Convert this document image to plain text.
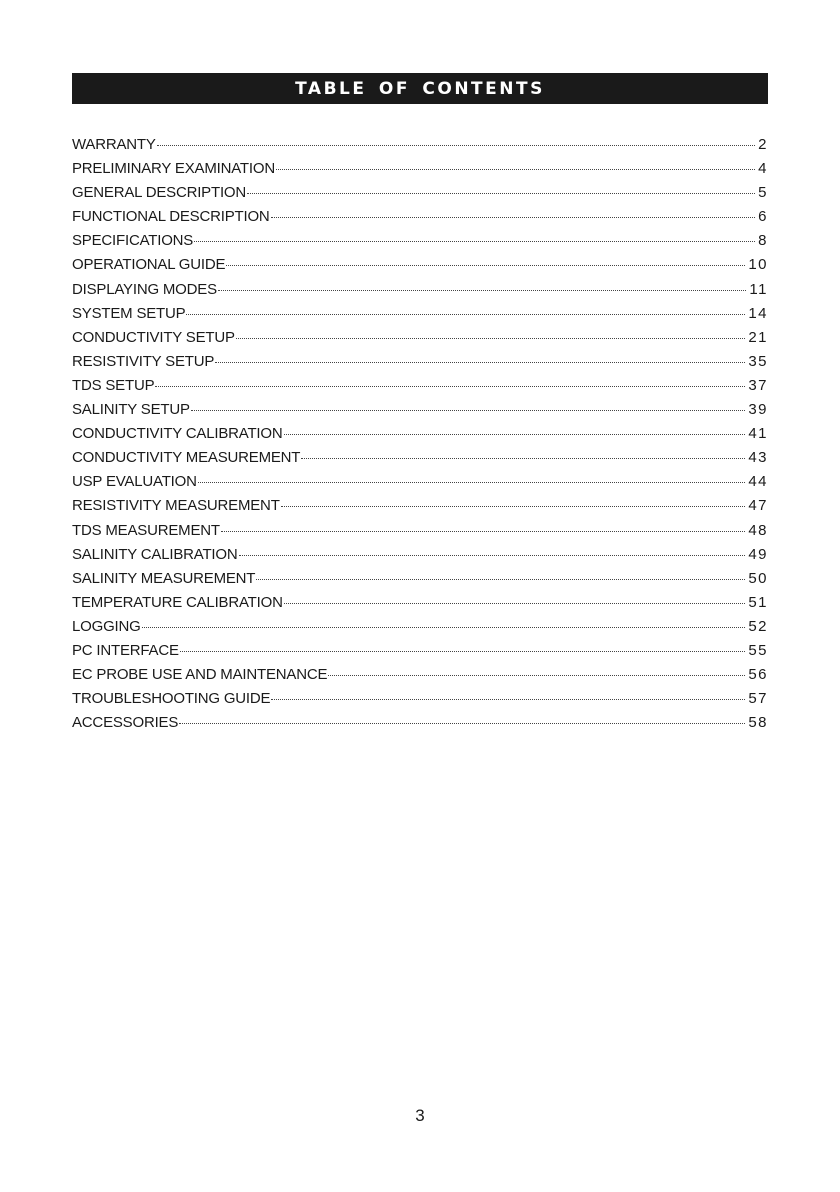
TABLE OF CONTENTS
WARRANTY	2
PRELIMINARY EXAMINATION	4
GENERAL DESCRIPTION	5
FUNCTIONAL DESCRIPTION	6
SPECIFICATIONS	8
OPERATIONAL GUIDE	10
DISPLAYING MODES	11
SYSTEM SETUP	14
CONDUCTIVITY SETUP	21
RESISTIVITY SETUP	35
TDS SETUP	37
SALINITY SETUP	39
CONDUCTIVITY CALIBRATION	41
CONDUCTIVITY MEASUREMENT	43
USP EVALUATION	44
RESISTIVITY MEASUREMENT	47
TDS MEASUREMENT	48
SALINITY CALIBRATION	49
SALINITY MEASUREMENT	50
TEMPERATURE CALIBRATION	51
LOGGING	52
PC INTERFACE	55
EC PROBE USE AND MAINTENANCE	56
TROUBLESHOOTING GUIDE	57
ACCESSORIES	58
3
